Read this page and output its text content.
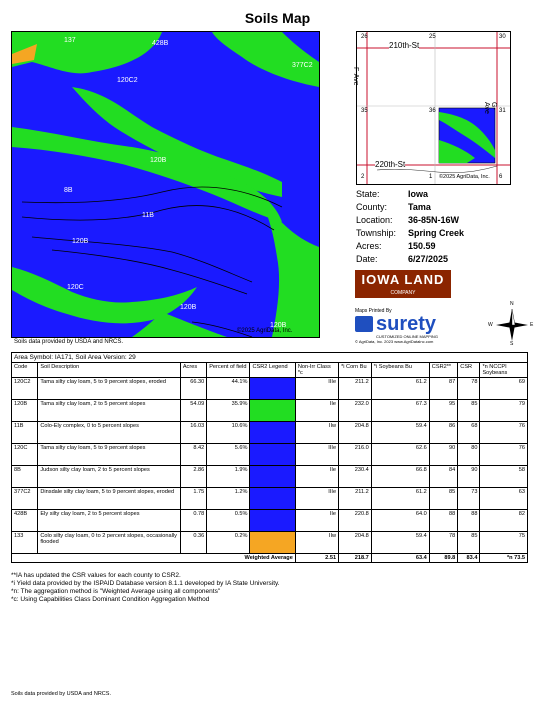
Soils Map
137	428B
377C2
120C2
120B
8B
11B
120B
120C
120B
120B
©2025 AgriData, Inc.
Soils data provided by USDA and NRCS.
210th-St
220th-St
F-Ave
G-Ave
26	25	30
35	36	31
2	1	6
©2025 AgriData, Inc.
State:	Iowa
County:	Tama
Location:	36-85N-16W
Township:	Spring Creek
Acres:	150.59
Date:	6/27/2025
IOWA LAND
COMPANY
Maps Printed By
surety
CUSTOMIZED ONLINE MAPPING
© AgriData, Inc. 2023 www.AgriDataInc.com
N
S
W	E
Area Symbol: IA171, Soil Area Version: 29										
Code	Soil Description	Acres	Percent of field	CSR2 Legend	Non-Irr Class *c	*i Corn Bu	*i Soybeans Bu	CSR2**	CSR	*n NCCPI Soybeans
120C2	Tama silty clay loam, 5 to 9 percent slopes, eroded	66.30	44.1%		IIIe	211.2	61.2	87	78	69
120B	Tama silty clay loam, 2 to 5 percent slopes	54.09	35.9%		IIe	232.0	67.3	95	85	79
11B	Colo-Ely complex, 0 to 5 percent slopes	16.03	10.6%		IIw	204.8	59.4	86	68	76
120C	Tama silty clay loam, 5 to 9 percent slopes	8.42	5.6%		IIIe	216.0	62.6	90	80	76
8B	Judson silty clay loam, 2 to 5 percent slopes	2.86	1.9%		IIe	230.4	66.8	84	90	58
377C2	Dinsdale silty clay loam, 5 to 9 percent slopes, eroded	1.75	1.2%		IIIe	211.2	61.2	85	73	63
428B	Ely silty clay loam, 2 to 5 percent slopes	0.78	0.5%		IIe	220.8	64.0	88	88	82
133	Colo silty clay loam, 0 to 2 percent slopes, occasionally flooded	0.36	0.2%		IIw	204.8	59.4	78	85	75
Weighted Average					2.51	218.7	63.4	89.8	83.4	*n 73.5
**IA has updated the CSR values for each county to CSR2.
*i Yield data provided by the ISPAID Database version 8.1.1 developed by IA State University.
*n: The aggregation method is "Weighted Average using all components"
*c: Using Capabilities Class Dominant Condition Aggregation Method
Soils data provided by USDA and NRCS.
